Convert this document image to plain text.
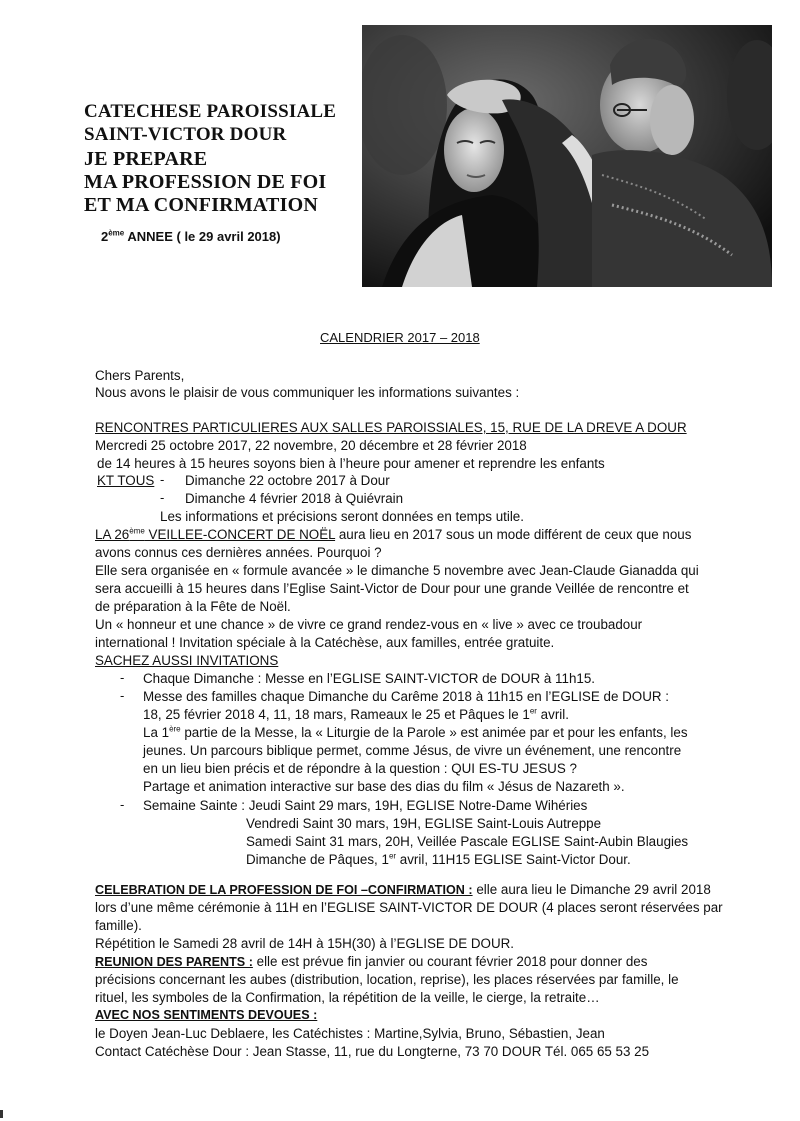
CATECHESE PAROISSIALE
SAINT-VICTOR DOUR
JE PREPARE
MA PROFESSION DE FOI
ET MA CONFIRMATION
2ème ANNEE ( le 29 avril 2018)
CALENDRIER 2017 – 2018
Chers Parents,
Nous avons le plaisir de vous communiquer les informations suivantes :
RENCONTRES PARTICULIERES AUX SALLES PAROISSIALES, 15, RUE DE LA DREVE A DOUR
Mercredi 25 octobre 2017, 22 novembre, 20 décembre et 28 février 2018
de 14 heures à 15 heures soyons bien à l’heure pour amener et reprendre les enfants
KT TOUS - Dimanche 22 octobre 2017 à Dour
- Dimanche 4 février 2018 à Quiévrain
Les informations et précisions seront données en temps utile.
LA 26ème VEILLEE-CONCERT DE NOËL aura lieu en 2017 sous un mode différent de ceux que nous
avons connus ces dernières années. Pourquoi ?
Elle sera organisée en « formule avancée » le dimanche 5 novembre avec Jean-Claude Gianadda qui
sera accueilli à 15 heures dans l’Eglise Saint-Victor de Dour pour une grande Veillée de rencontre et
de préparation à la Fête de Noël.
Un « honneur et une chance » de vivre ce grand rendez-vous en « live » avec ce troubadour
international ! Invitation spéciale à la Catéchèse, aux familles, entrée gratuite.
SACHEZ AUSSI INVITATIONS
- Chaque Dimanche : Messe en l’EGLISE SAINT-VICTOR de DOUR à 11h15.
- Messe des familles chaque Dimanche du Carême 2018 à 11h15 en l’EGLISE de DOUR :
18, 25 février 2018 4, 11, 18 mars, Rameaux le 25 et Pâques le 1er avril.
La 1ère partie de la Messe, la « Liturgie de la Parole » est animée par et pour les enfants, les
jeunes. Un parcours biblique permet, comme Jésus, de vivre un événement, une rencontre
en un lieu bien précis et de répondre à la question : QUI ES-TU JESUS ?
Partage et animation interactive sur base des dias du film « Jésus de Nazareth ».
- Semaine Sainte : Jeudi Saint 29 mars, 19H, EGLISE Notre-Dame Wihéries
Vendredi Saint 30 mars, 19H, EGLISE Saint-Louis Autreppe
Samedi Saint 31 mars, 20H, Veillée Pascale EGLISE Saint-Aubin Blaugies
Dimanche de Pâques, 1er avril, 11H15 EGLISE Saint-Victor Dour.
CELEBRATION DE LA PROFESSION DE FOI –CONFIRMATION : elle aura lieu le Dimanche 29 avril 2018
lors d’une même cérémonie à 11H en l’EGLISE SAINT-VICTOR DE DOUR (4 places seront réservées par
famille).
Répétition le Samedi 28 avril de 14H à 15H(30) à l’EGLISE DE DOUR.
REUNION DES PARENTS : elle est prévue fin janvier ou courant février 2018 pour donner des
précisions concernant les aubes (distribution, location, reprise), les places réservées par famille, le
rituel, les symboles de la Confirmation, la répétition de la veille, le cierge, la retraite…
AVEC NOS SENTIMENTS DEVOUES :
le Doyen Jean-Luc Deblaere, les Catéchistes : Martine,Sylvia, Bruno, Sébastien, Jean
Contact Catéchèse Dour : Jean Stasse, 11, rue du Longterne, 73 70 DOUR Tél. 065 65 53 25
